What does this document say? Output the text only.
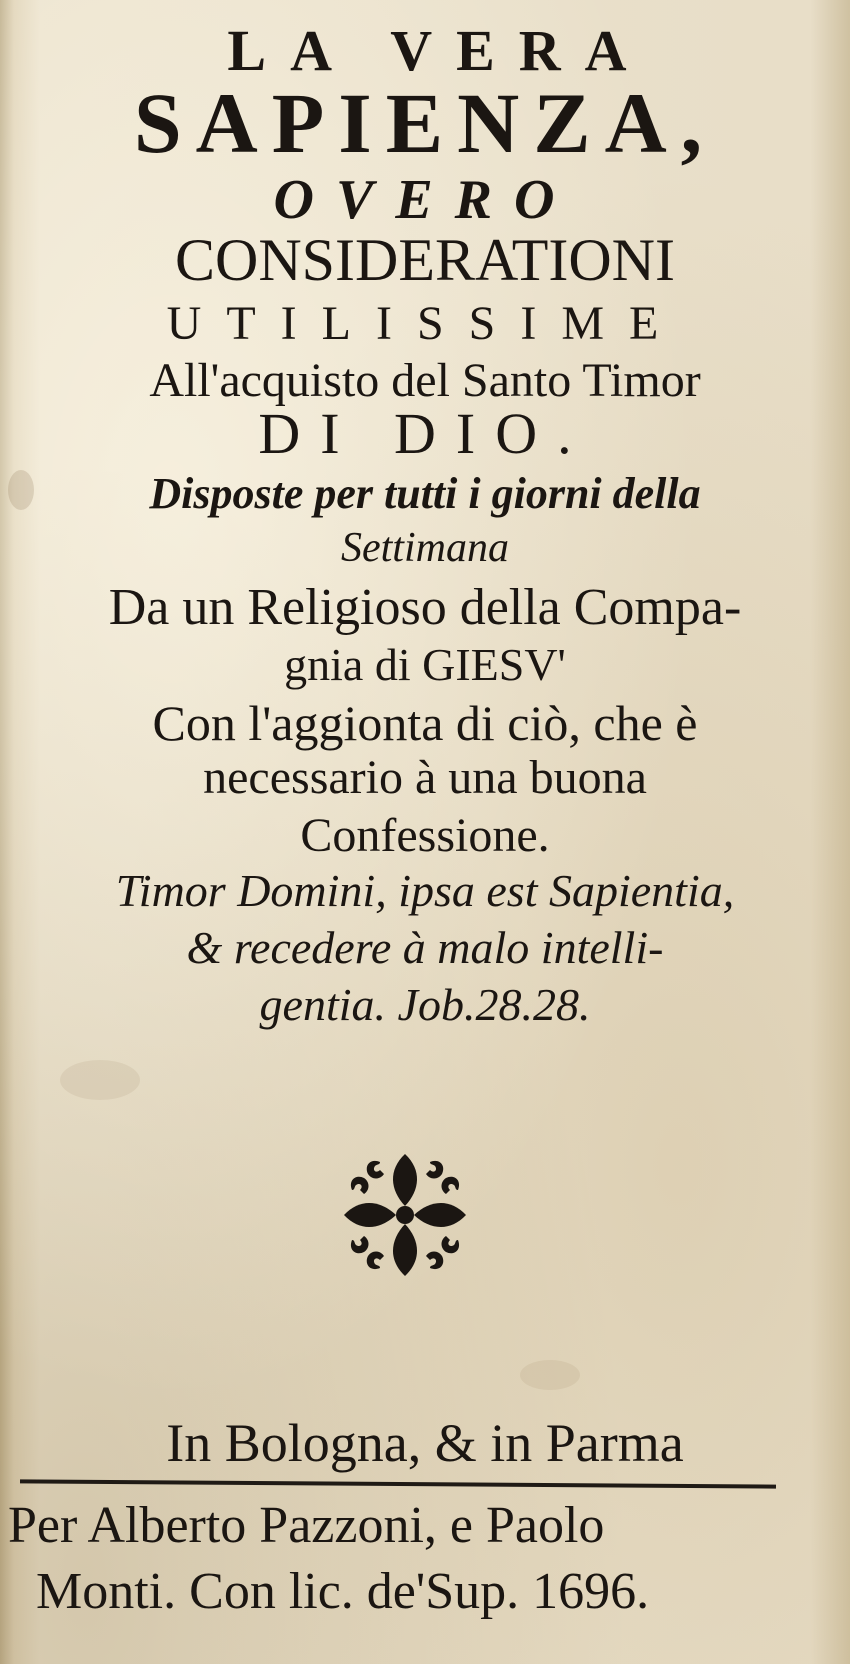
LA VERA
SAPIENZA,
OVERO
CONSIDERATIONI
UTILISSIME
All'acquisto del Santo Timor
DI DIO.
Disposte per tutti i giorni della
Settimana
Da un Religioso della Compa-
gnia di GIESV'
Con l'aggionta di ciò, che è
necessario à una buona
Confessione.
Timor Domini, ipsa est Sapientia,
& recedere à malo intelli-
gentia. Job.28.28.
In Bologna, & in Parma
Per Alberto Pazzoni, e Paolo
Monti. Con lic. de'Sup. 1696.
